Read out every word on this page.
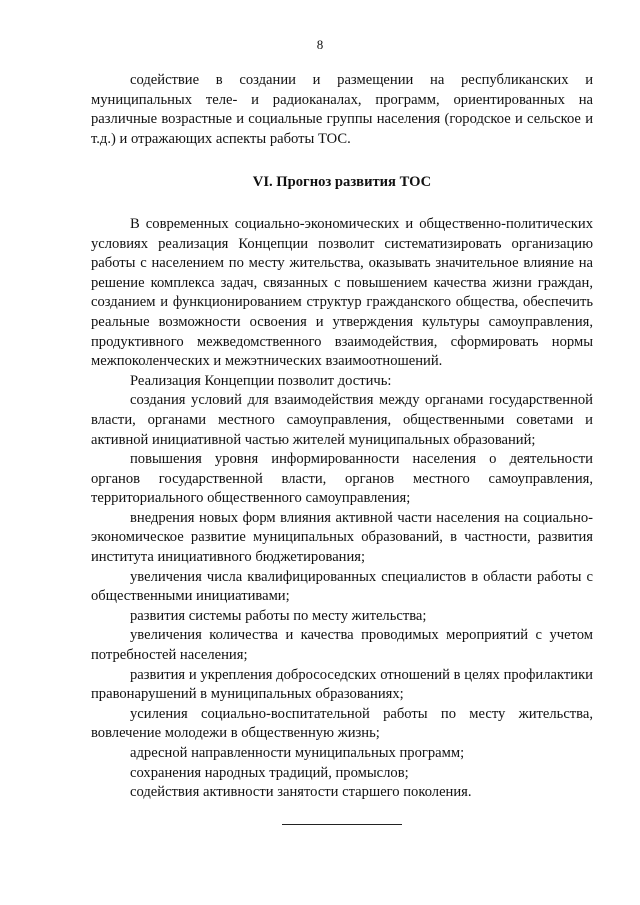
8

содействие в создании и размещении на республиканских и муниципальных теле- и радиоканалах, программ, ориентированных на различные возрастные и социальные группы населения (городское и сельское и т.д.) и отражающих аспекты работы ТОС.

VI. Прогноз развития ТОС

В современных социально-экономических и общественно-политических условиях реализация Концепции позволит систематизировать организацию работы с населением по месту жительства, оказывать значительное влияние на решение комплекса задач, связанных с повышением качества жизни граждан, созданием и функционированием структур гражданского общества, обеспечить реальные возможности освоения и утверждения культуры самоуправления, продуктивного межведомственного взаимодействия, сформировать нормы межпоколенческих и межэтнических взаимоотношений.

Реализация Концепции позволит достичь:

создания условий для взаимодействия между органами государственной власти, органами местного самоуправления, общественными советами и активной инициативной частью жителей муниципальных образований;

повышения уровня информированности населения о деятельности органов государственной власти, органов местного самоуправления, территориального общественного самоуправления;

внедрения новых форм влияния активной части населения на социально-экономическое развитие муниципальных образований, в частности, развития института инициативного бюджетирования;

увеличения числа квалифицированных специалистов в области работы с общественными инициативами;

развития системы работы по месту жительства;

увеличения количества и качества проводимых мероприятий с учетом потребностей населения;

развития и укрепления добрососедских отношений в целях профилактики правонарушений в муниципальных образованиях;

усиления социально-воспитательной работы по месту жительства, вовлечение молодежи в общественную жизнь;

адресной направленности муниципальных программ;

сохранения народных традиций, промыслов;

содействия активности занятости старшего поколения.
